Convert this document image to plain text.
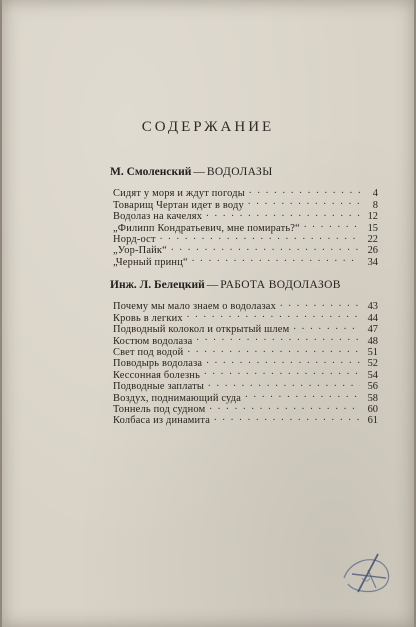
СОДЕРЖАНИЕ
М. Смоленский — ВОДОЛАЗЫ
Сидят у моря и ждут погоды . . .	4
Товарищ Чертан идет в воду . . .	8
Водолаз на качелях . . .	12
„Филипп Кондратьевич, мне помирать?“ . . .	15
Норд-ост . . .	22
„Уор-Пайк“ . . .	26
„Черный принц“ . . .	34
Инж. Л. Белецкий — РАБОТА ВОДОЛАЗОВ
Почему мы мало знаем о водолазах . . .	43
Кровь в легких . . .	44
Подводный колокол и открытый шлем . . .	47
Костюм водолаза . . .	48
Свет под водой . . .	51
Поводырь водолаза . . .	52
Кессонная болезнь . . .	54
Подводные заплаты . . .	56
Воздух, поднимающий суда . . .	58
Тоннель под судном . . .	60
Колбаса из динамита . . .	61
